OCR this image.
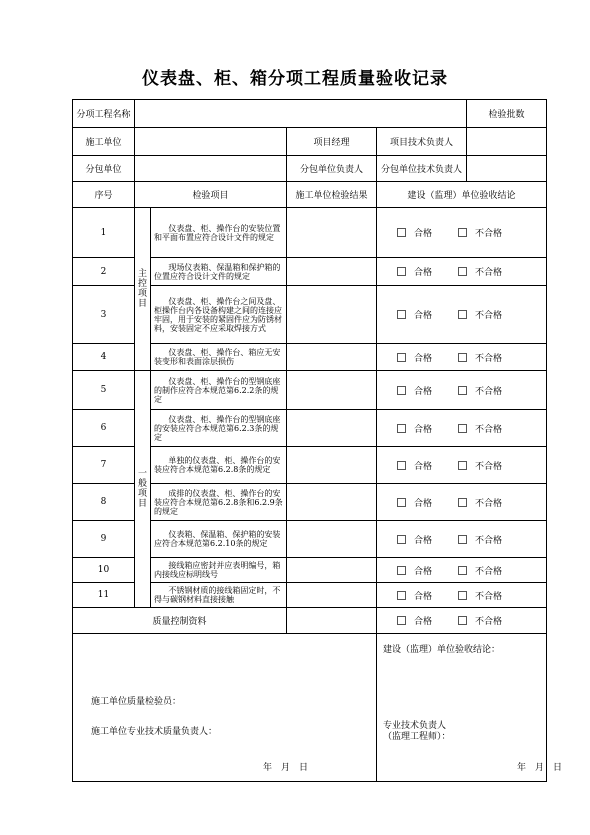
仪表盘、柜、箱分项工程质量验收记录
分项工程名称					检验批数
施工单位			项目经理	项目技术负责人	
分包单位			分包单位负责人	分包单位技术负责人	
序号	检验项目		施工单位检验结果	建设（监理）单位验收结论	
1	主控项目	仪表盘、柜、操作台的安装位置和平面布置应符合设计文件的规定		合格 不合格	
2		现场仪表箱、保温箱和保护箱的位置应符合设计文件的规定		合格 不合格	
3		仪表盘、柜、操作台之间及盘、柜操作台内各设备构建之间的连接应牢固，用于安装的紧固件应为防锈材料，安装固定不应采取焊接方式		合格 不合格	
4		仪表盘、柜、操作台、箱应无安装变形和表面涂层损伤		合格 不合格	
5	一般项目	仪表盘、柜、操作台的型钢底座的制作应符合本规范第6.2.2条的规定		合格 不合格	
6		仪表盘、柜、操作台的型钢底座的安装应符合本规范第6.2.3条的规定		合格 不合格	
7		单独的仪表盘、柜、操作台的安装应符合本规范第6.2.8条的规定		合格 不合格	
8		成排的仪表盘、柜、操作台的安装应符合本规范第6.2.8条和6.2.9条的规定		合格 不合格	
9		仪表箱、保温箱、保护箱的安装应符合本规范第6.2.10条的规定		合格 不合格	
10		接线箱应密封并应表明编号，箱内接线应标明线号		合格 不合格	
11		不锈钢材质的接线箱固定时，不得与碳钢材料直接接触		合格 不合格	
质量控制资料				合格 不合格	

施工单位质量检验员：
施工单位专业技术质量负责人：
年　月　日				建设（监理）单位验收结论：
专业技术负责人
（监理工程师）：
年　月　日	
